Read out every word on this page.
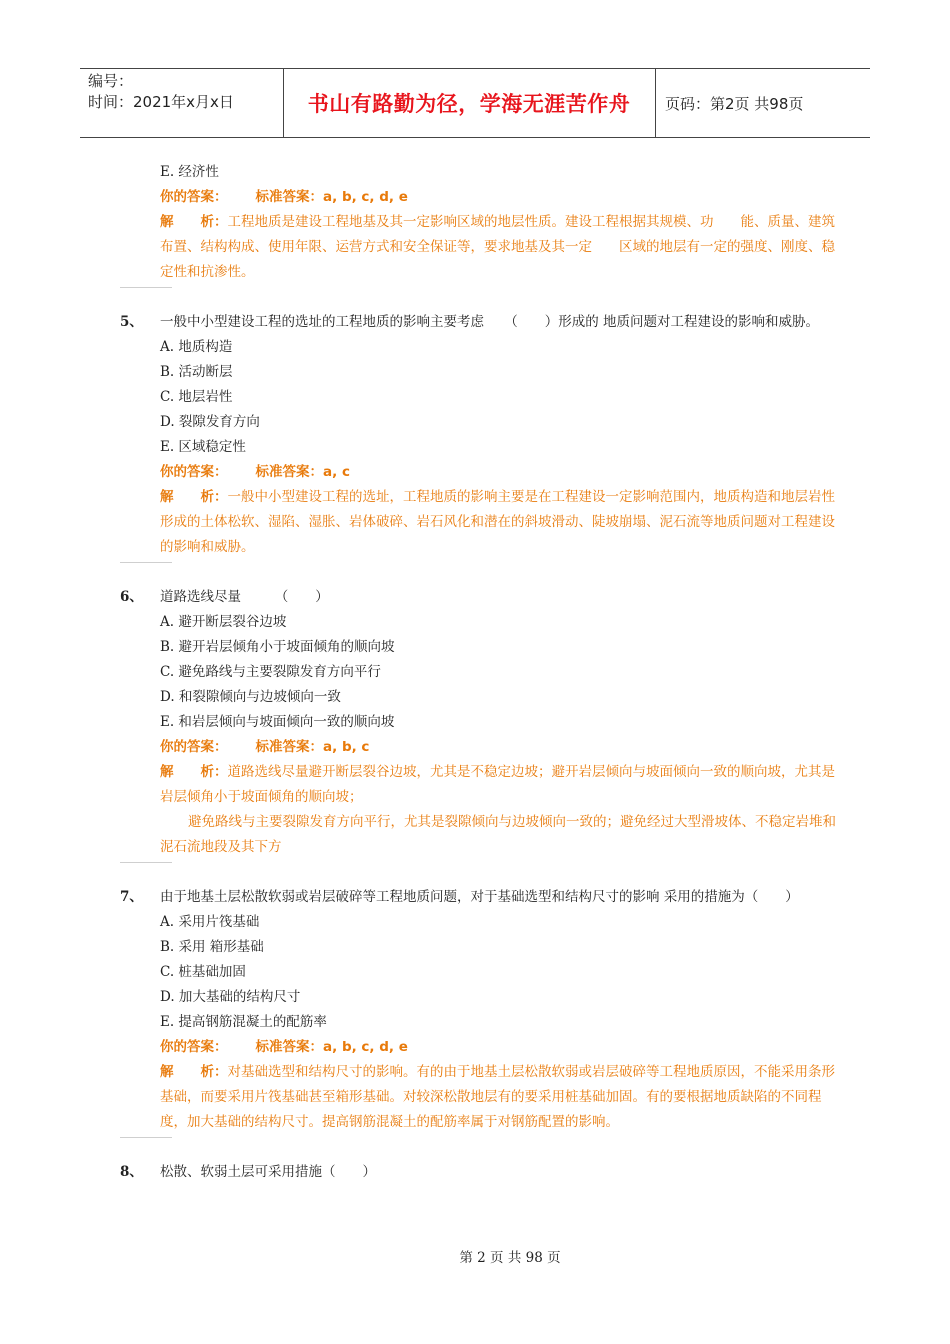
编号：
时间：2021年x月x日	书山有路勤为径，学海无涯苦作舟	页码：第2页 共98页
E. 经济性
你的答案： 标准答案：a, b, c, d, e
解　　析：工程地质是建设工程地基及其一定影响区域的地层性质。建设工程根据其规模、功　　能、质量、建筑布置、结构构成、使用年限、运营方式和安全保证等，要求地基及其一定　　区域的地层有一定的强度、刚度、稳定性和抗渗性。
5、	一般中小型建设工程的选址的工程地质的影响主要考虑　　（　　）形成的 地质问题对工程建设的影响和威胁。
A. 地质构造
B. 活动断层
C. 地层岩性
D. 裂隙发育方向
E. 区域稳定性
你的答案： 标准答案：a, c
解　　析：一般中小型建设工程的选址，工程地质的影响主要是在工程建设一定影响范围内，地质构造和地层岩性形成的土体松软、湿陷、湿胀、岩体破碎、岩石风化和潜在的斜坡滑动、陡坡崩塌、泥石流等地质问题对工程建设的影响和威胁。
6、	道路选线尽量　　　（　　）
A. 避开断层裂谷边坡
B. 避开岩层倾角小于坡面倾角的顺向坡
C. 避免路线与主要裂隙发育方向平行
D. 和裂隙倾向与边坡倾向一致
E. 和岩层倾向与坡面倾向一致的顺向坡
你的答案： 标准答案：a, b, c
解　　析：道路选线尽量避开断层裂谷边坡，尤其是不稳定边坡；避开岩层倾向与坡面倾向一致的顺向坡，尤其是岩层倾角小于坡面倾角的顺向坡；
避免路线与主要裂隙发育方向平行，尤其是裂隙倾向与边坡倾向一致的；避免经过大型滑坡体、不稳定岩堆和泥石流地段及其下方
7、	由于地基土层松散软弱或岩层破碎等工程地质问题，对于基础选型和结构尺寸的影响 采用的措施为（　　）
A. 采用片筏基础
B. 采用 箱形基础
C. 桩基础加固
D. 加大基础的结构尺寸
E. 提高钢筋混凝土的配筋率
你的答案： 标准答案：a, b, c, d, e
解　　析：对基础选型和结构尺寸的影响。有的由于地基土层松散软弱或岩层破碎等工程地质原因，不能采用条形基础，而要采用片筏基础甚至箱形基础。对较深松散地层有的要采用桩基础加固。有的要根据地质缺陷的不同程度，加大基础的结构尺寸。提高钢筋混凝土的配筋率属于对钢筋配置的影响。
8、	松散、软弱土层可采用措施（　　）
第 2 页 共 98 页
